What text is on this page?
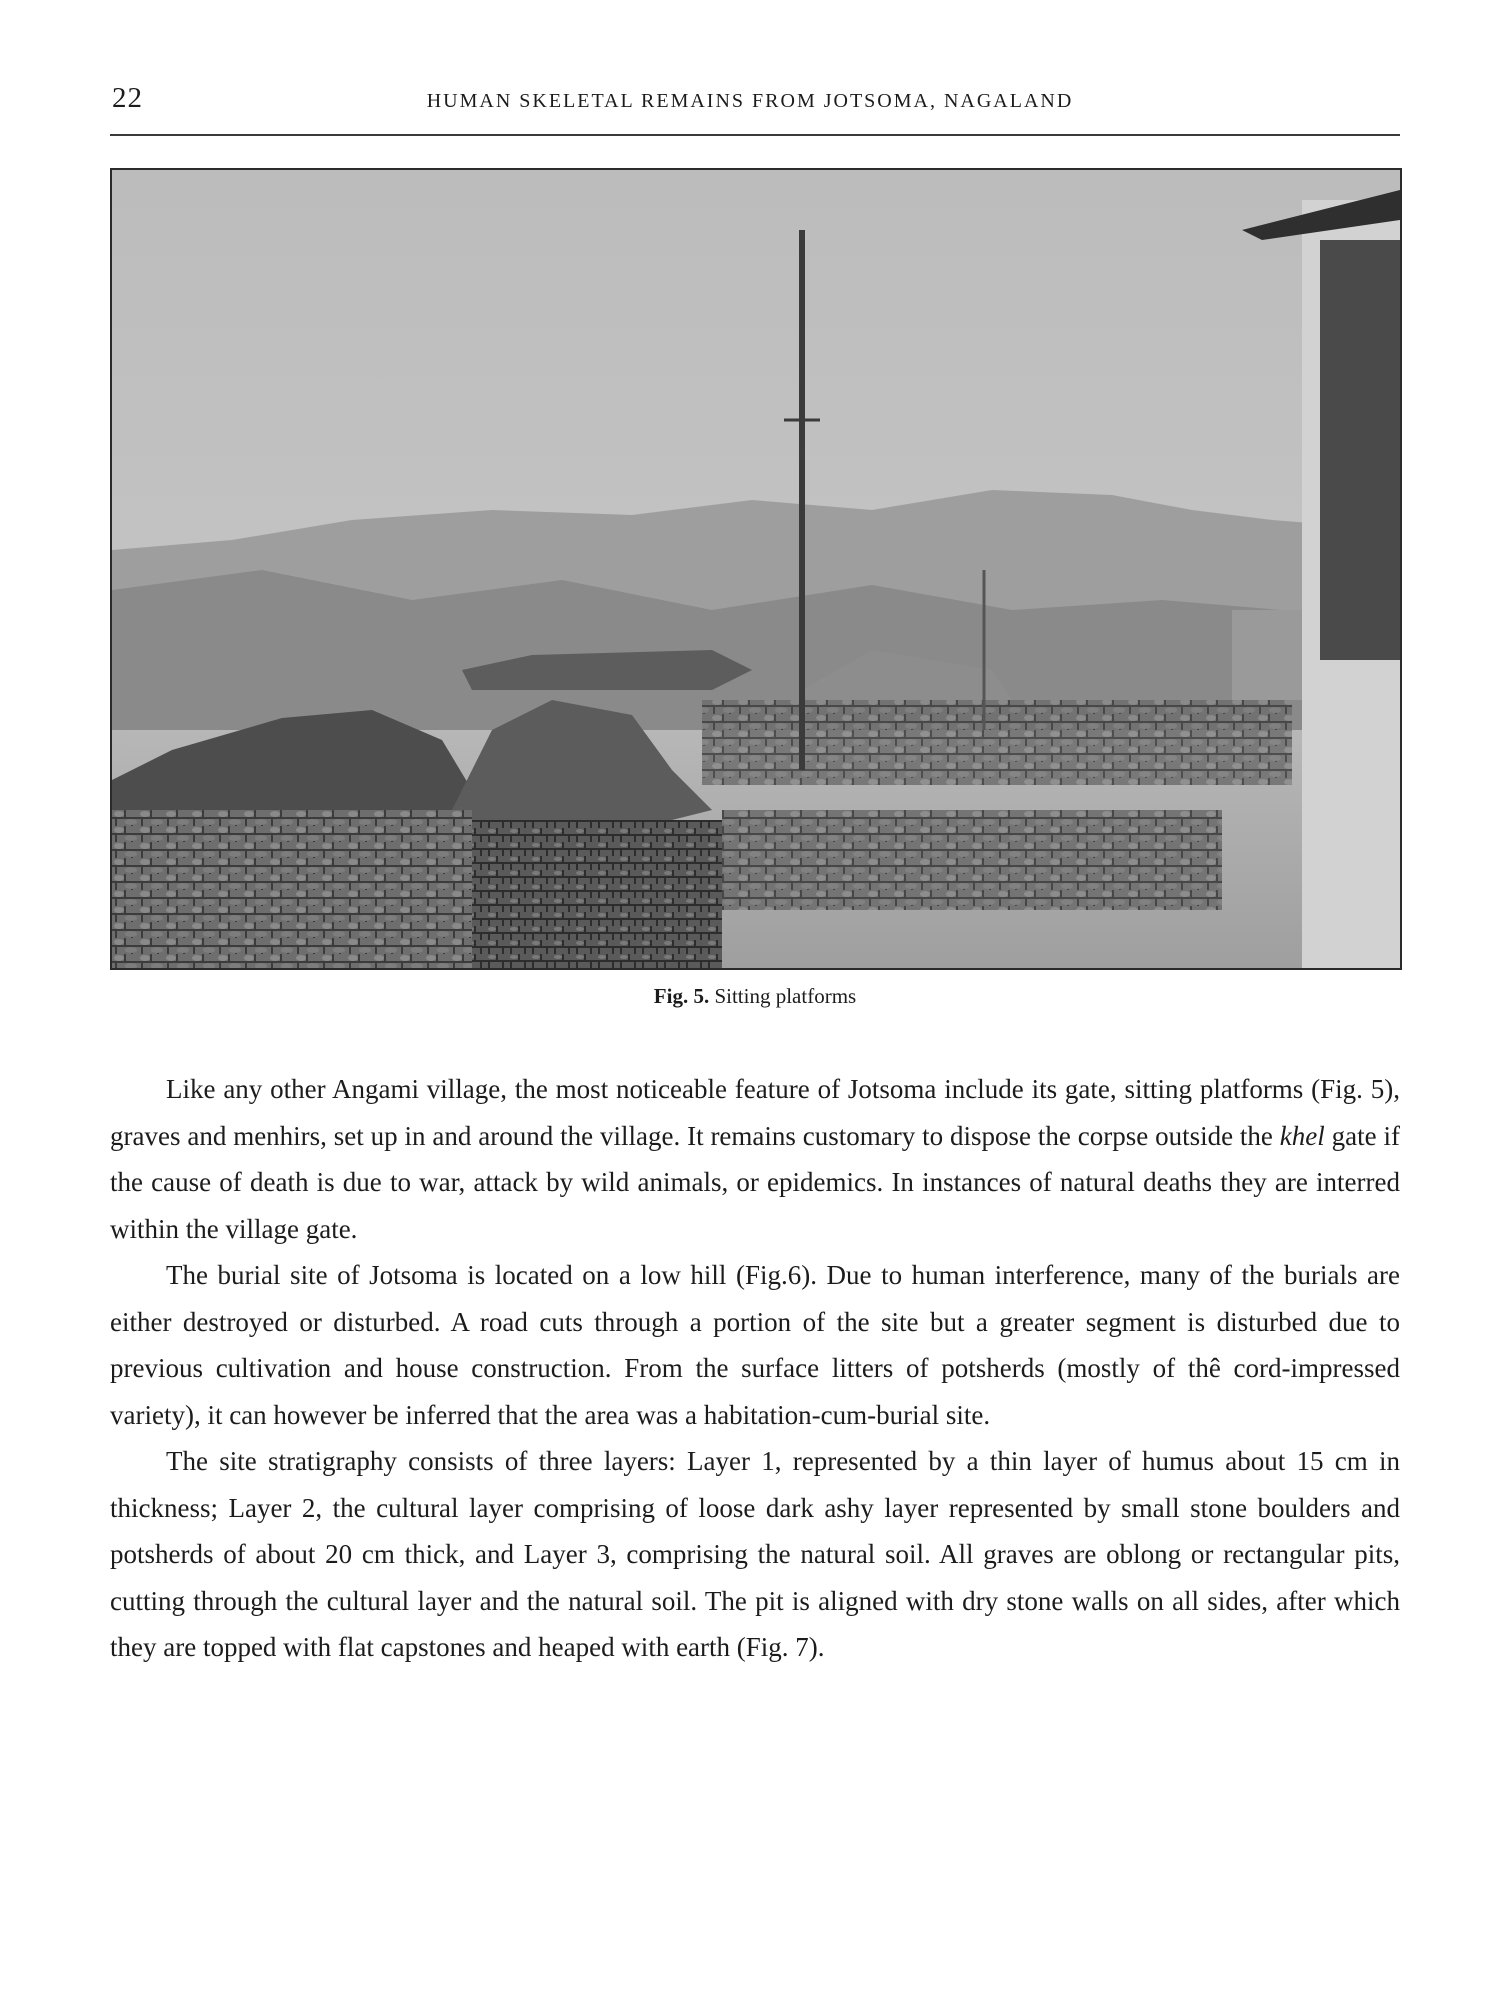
22	HUMAN SKELETAL REMAINS FROM JOTSOMA, NAGALAND
Fig. 5. Sitting platforms

Like any other Angami village, the most noticeable feature of Jotsoma include its gate, sitting platforms (Fig. 5), graves and menhirs, set up in and around the village. It remains customary to dispose the corpse outside the khel gate if the cause of death is due to war, attack by wild animals, or epidemics. In instances of natural deaths they are interred within the village gate.

The burial site of Jotsoma is located on a low hill (Fig.6). Due to human interference, many of the burials are either destroyed or disturbed. A road cuts through a portion of the site but a greater segment is disturbed due to previous cultivation and house construction. From the surface litters of potsherds (mostly of thê cord-impressed variety), it can however be inferred that the area was a habitation-cum-burial site.

The site stratigraphy consists of three layers: Layer 1, represented by a thin layer of humus about 15 cm in thickness; Layer 2, the cultural layer comprising of loose dark ashy layer represented by small stone boulders and potsherds of about 20 cm thick, and Layer 3, comprising the natural soil. All graves are oblong or rectangular pits, cutting through the cultural layer and the natural soil. The pit is aligned with dry stone walls on all sides, after which they are topped with flat capstones and heaped with earth (Fig. 7).
